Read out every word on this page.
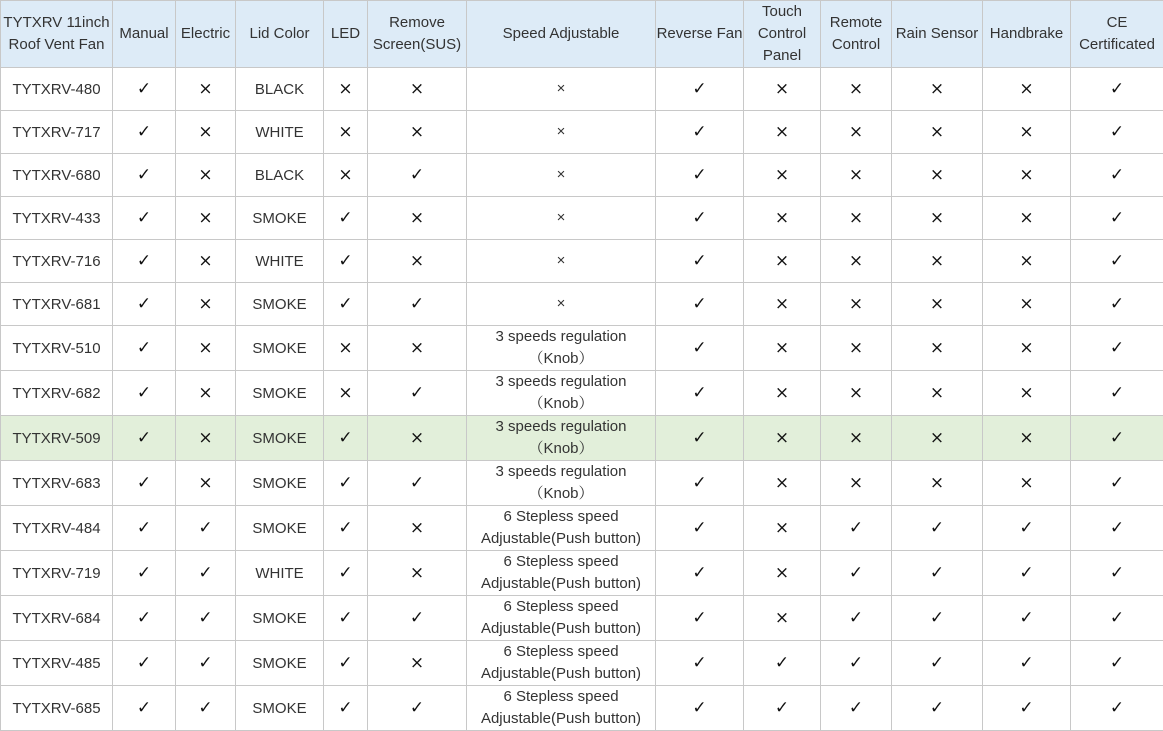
TYTXRV 11inch Roof Vent Fan	Manual	Electric	Lid Color	LED	Remove Screen(SUS)	Speed Adjustable	Reverse Fan	Touch Control Panel	Remote Control	Rain Sensor	Handbrake	CE Certificated
TYTXRV-480	✓	×	BLACK	×	×	×	✓	×	×	×	×	✓
TYTXRV-717	✓	×	WHITE	×	×	×	✓	×	×	×	×	✓
TYTXRV-680	✓	×	BLACK	×	✓	×	✓	×	×	×	×	✓
TYTXRV-433	✓	×	SMOKE	✓	×	×	✓	×	×	×	×	✓
TYTXRV-716	✓	×	WHITE	✓	×	×	✓	×	×	×	×	✓
TYTXRV-681	✓	×	SMOKE	✓	✓	×	✓	×	×	×	×	✓
TYTXRV-510	✓	×	SMOKE	×	×	3 speeds regulation（Knob）	✓	×	×	×	×	✓
TYTXRV-682	✓	×	SMOKE	×	✓	3 speeds regulation（Knob）	✓	×	×	×	×	✓
TYTXRV-509	✓	×	SMOKE	✓	×	3 speeds regulation（Knob）	✓	×	×	×	×	✓
TYTXRV-683	✓	×	SMOKE	✓	✓	3 speeds regulation（Knob）	✓	×	×	×	×	✓
TYTXRV-484	✓	✓	SMOKE	✓	×	6 Stepless speed Adjustable(Push button)	✓	×	✓	✓	✓	✓
TYTXRV-719	✓	✓	WHITE	✓	×	6 Stepless speed Adjustable(Push button)	✓	×	✓	✓	✓	✓
TYTXRV-684	✓	✓	SMOKE	✓	✓	6 Stepless speed Adjustable(Push button)	✓	×	✓	✓	✓	✓
TYTXRV-485	✓	✓	SMOKE	✓	×	6 Stepless speed Adjustable(Push button)	✓	✓	✓	✓	✓	✓
TYTXRV-685	✓	✓	SMOKE	✓	✓	6 Stepless speed Adjustable(Push button)	✓	✓	✓	✓	✓	✓
